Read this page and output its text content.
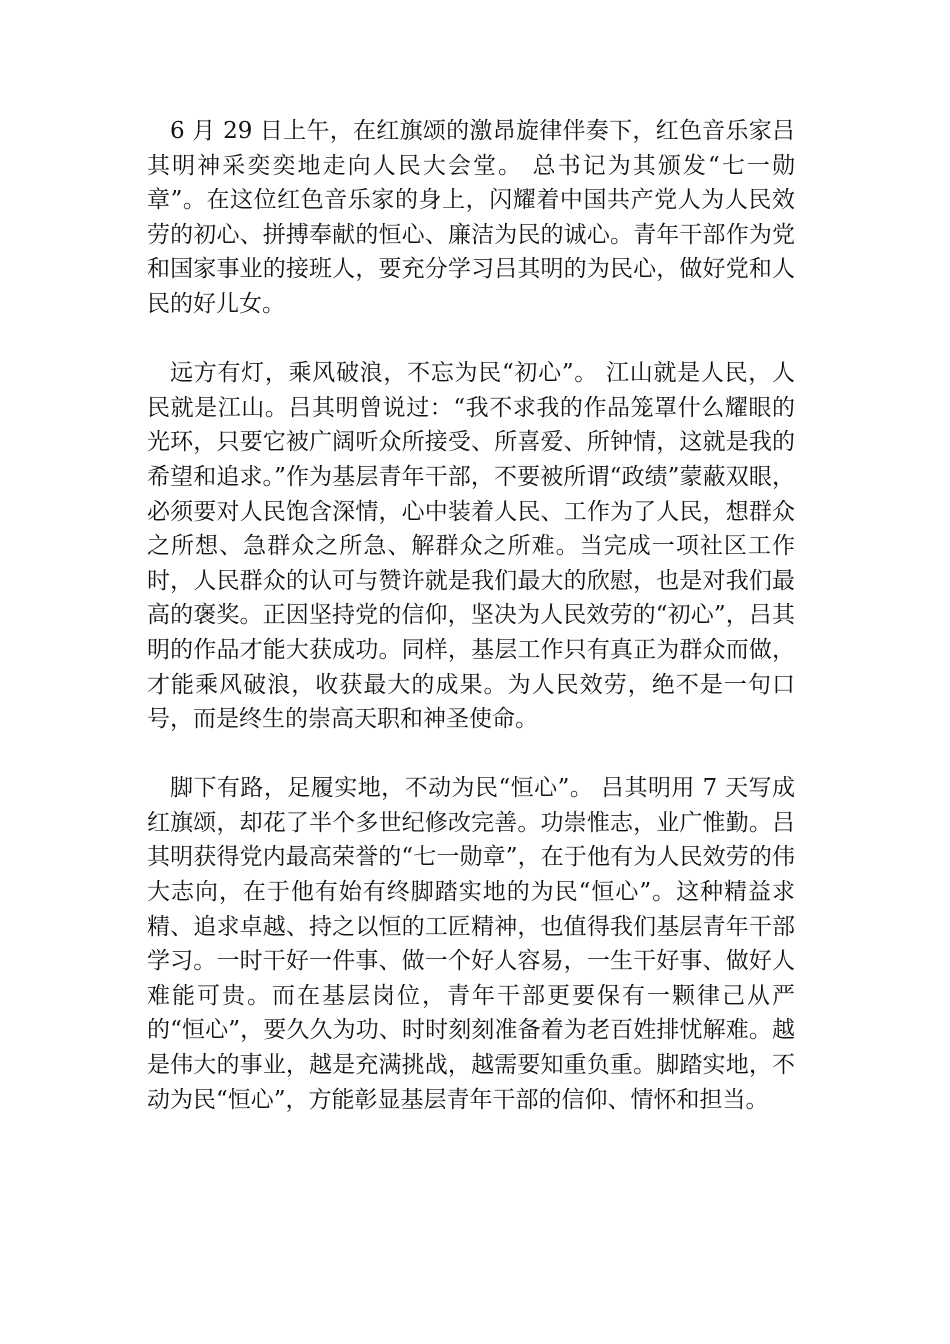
6 月 29 日上午，在红旗颂的激昂旋律伴奏下，红色音乐家吕其明神采奕奕地走向人民大会堂。 总书记为其颁发“七一勋章”。在这位红色音乐家的身上，闪耀着中国共产党人为人民效劳的初心、拼搏奉献的恒心、廉洁为民的诚心。青年干部作为党和国家事业的接班人，要充分学习吕其明的为民心，做好党和人民的好儿女。

远方有灯，乘风破浪，不忘为民“初心”。 江山就是人民，人民就是江山。吕其明曾说过：“我不求我的作品笼罩什么耀眼的光环，只要它被广阔听众所接受、所喜爱、所钟情，这就是我的希望和追求。”作为基层青年干部，不要被所谓“政绩”蒙蔽双眼，必须要对人民饱含深情，心中装着人民、工作为了人民，想群众之所想、急群众之所急、解群众之所难。当完成一项社区工作时，人民群众的认可与赞许就是我们最大的欣慰，也是对我们最高的褒奖。正因坚持党的信仰，坚决为人民效劳的“初心”，吕其明的作品才能大获成功。同样，基层工作只有真正为群众而做，才能乘风破浪，收获最大的成果。为人民效劳，绝不是一句口号，而是终生的崇高天职和神圣使命。

脚下有路，足履实地，不动为民“恒心”。 吕其明用 7 天写成红旗颂，却花了半个多世纪修改完善。功崇惟志，业广惟勤。吕其明获得党内最高荣誉的“七一勋章”，在于他有为人民效劳的伟大志向，在于他有始有终脚踏实地的为民“恒心”。这种精益求精、追求卓越、持之以恒的工匠精神，也值得我们基层青年干部学习。一时干好一件事、做一个好人容易，一生干好事、做好人难能可贵。而在基层岗位，青年干部更要保有一颗律己从严的“恒心”，要久久为功、时时刻刻准备着为老百姓排忧解难。越是伟大的事业，越是充满挑战，越需要知重负重。脚踏实地，不动为民“恒心”，方能彰显基层青年干部的信仰、情怀和担当。
